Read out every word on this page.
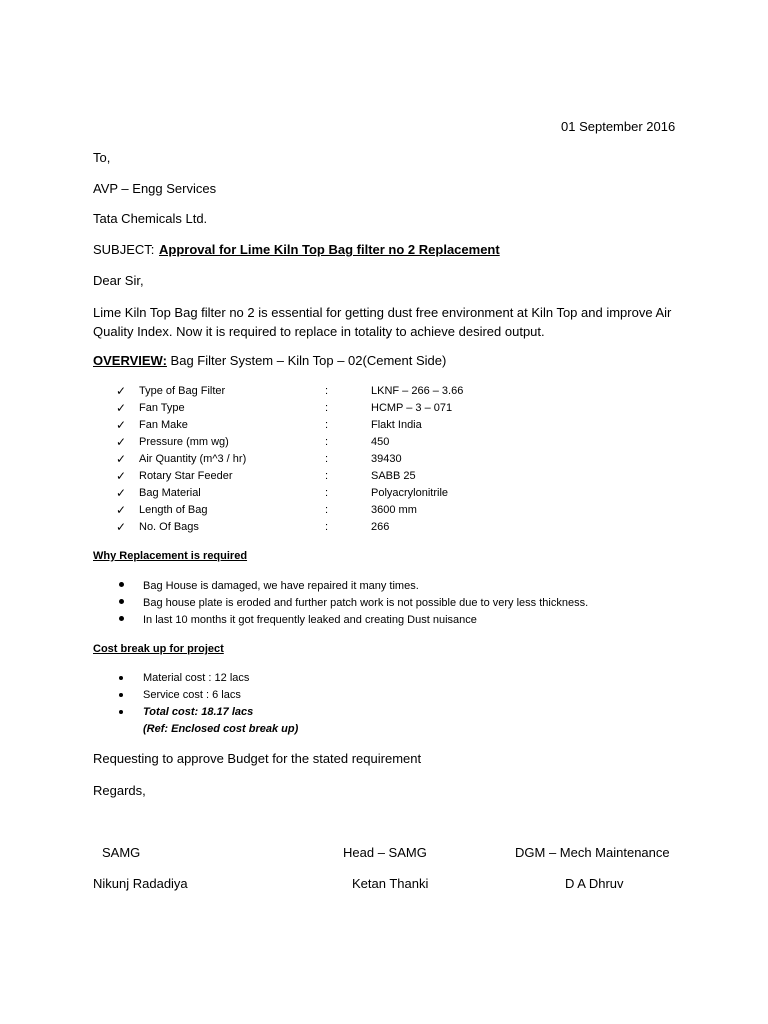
01 September 2016
To,
AVP – Engg Services
Tata Chemicals Ltd.
SUBJECT: Approval for Lime Kiln Top Bag filter no 2 Replacement
Dear Sir,
Lime Kiln Top Bag filter no 2 is essential for getting dust free environment at Kiln Top and improve Air Quality Index. Now it is required to replace in totality to achieve desired output.
OVERVIEW: Bag Filter System – Kiln Top – 02(Cement Side)
✓ Type of Bag Filter	:	LKNF – 266 – 3.66
✓ Fan Type	:	HCMP – 3 – 071
✓ Fan Make	:	Flakt India
✓ Pressure (mm wg)	:	450
✓ Air Quantity (m^3 / hr)	:	39430
✓ Rotary Star Feeder	:	SABB 25
✓ Bag Material	:	Polyacrylonitrile
✓ Length of Bag	:	3600 mm
✓ No. Of Bags	:	266
Why Replacement is required
Bag House is damaged, we have repaired it many times.
Bag house plate is eroded and further patch work is not possible due to very less thickness.
In last 10 months it got frequently leaked and creating Dust nuisance
Cost break up for project
Material cost : 12 lacs
Service cost : 6 lacs
Total cost: 18.17 lacs
(Ref: Enclosed cost break up)
Requesting to approve Budget for the stated requirement
Regards,
SAMG	Head – SAMG	DGM – Mech Maintenance
Nikunj Radadiya	Ketan Thanki	D A Dhruv
